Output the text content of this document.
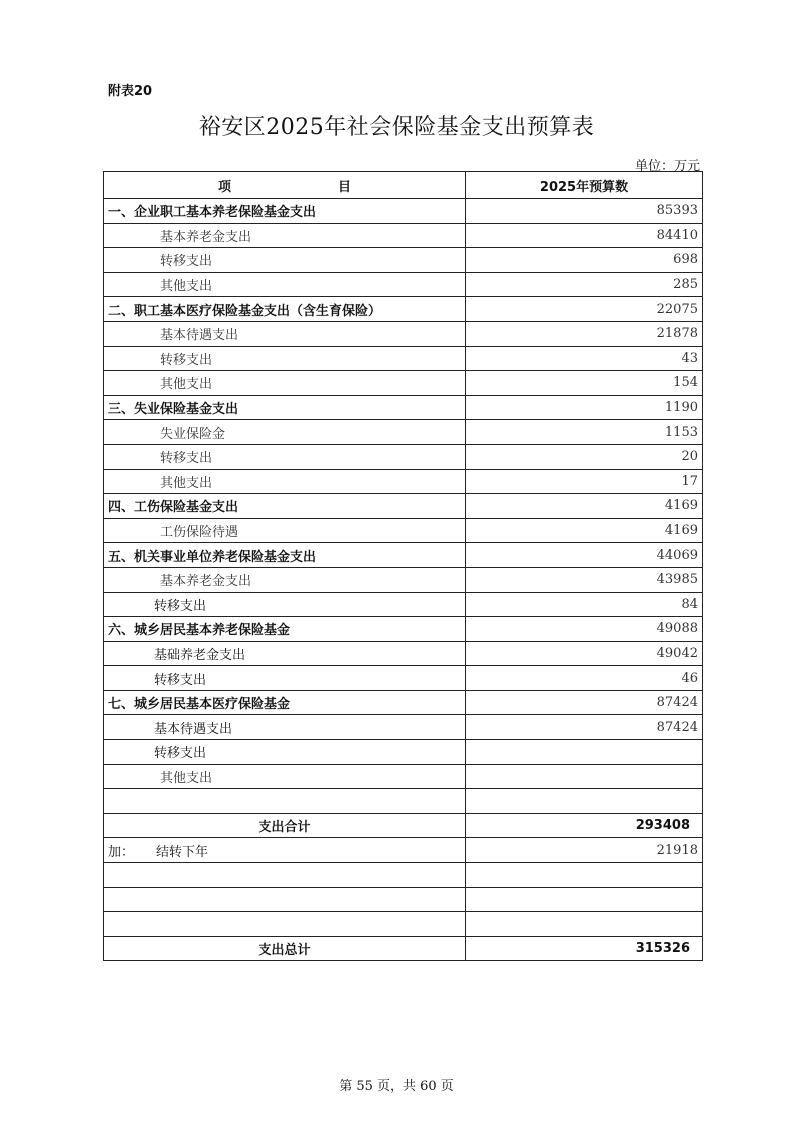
附表20
裕安区2025年社会保险基金支出预算表
单位：万元
项 目	2025年预算数
一、企业职工基本养老保险基金支出	85393
基本养老金支出	84410
转移支出	698
其他支出	285
二、职工基本医疗保险基金支出（含生育保险）	22075
基本待遇支出	21878
转移支出	43
其他支出	154
三、失业保险基金支出	1190
失业保险金	1153
转移支出	20
其他支出	17
四、工伤保险基金支出	4169
工伤保险待遇	4169
五、机关事业单位养老保险基金支出	44069
基本养老金支出	43985
转移支出	84
六、城乡居民基本养老保险基金	49088
基础养老金支出	49042
转移支出	46
七、城乡居民基本医疗保险基金	87424
基本待遇支出	87424
转移支出	
其他支出	

支出合计	293408
加： 结转下年	21918

支出总计	315326
第 55 页，共 60 页
